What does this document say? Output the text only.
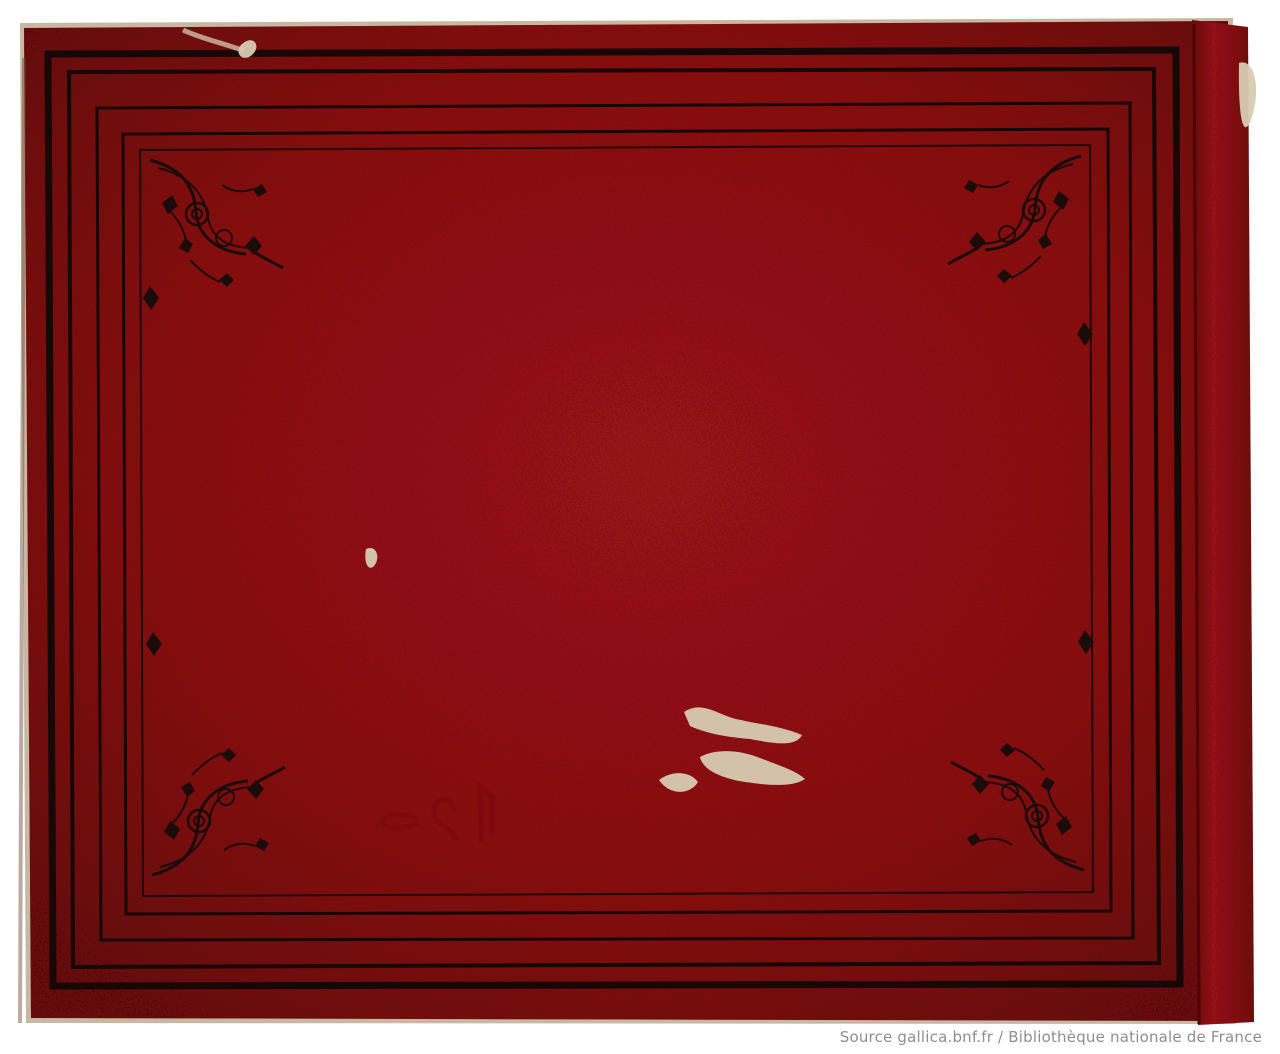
Source gallica.bnf.fr / Bibliothèque nationale de France
